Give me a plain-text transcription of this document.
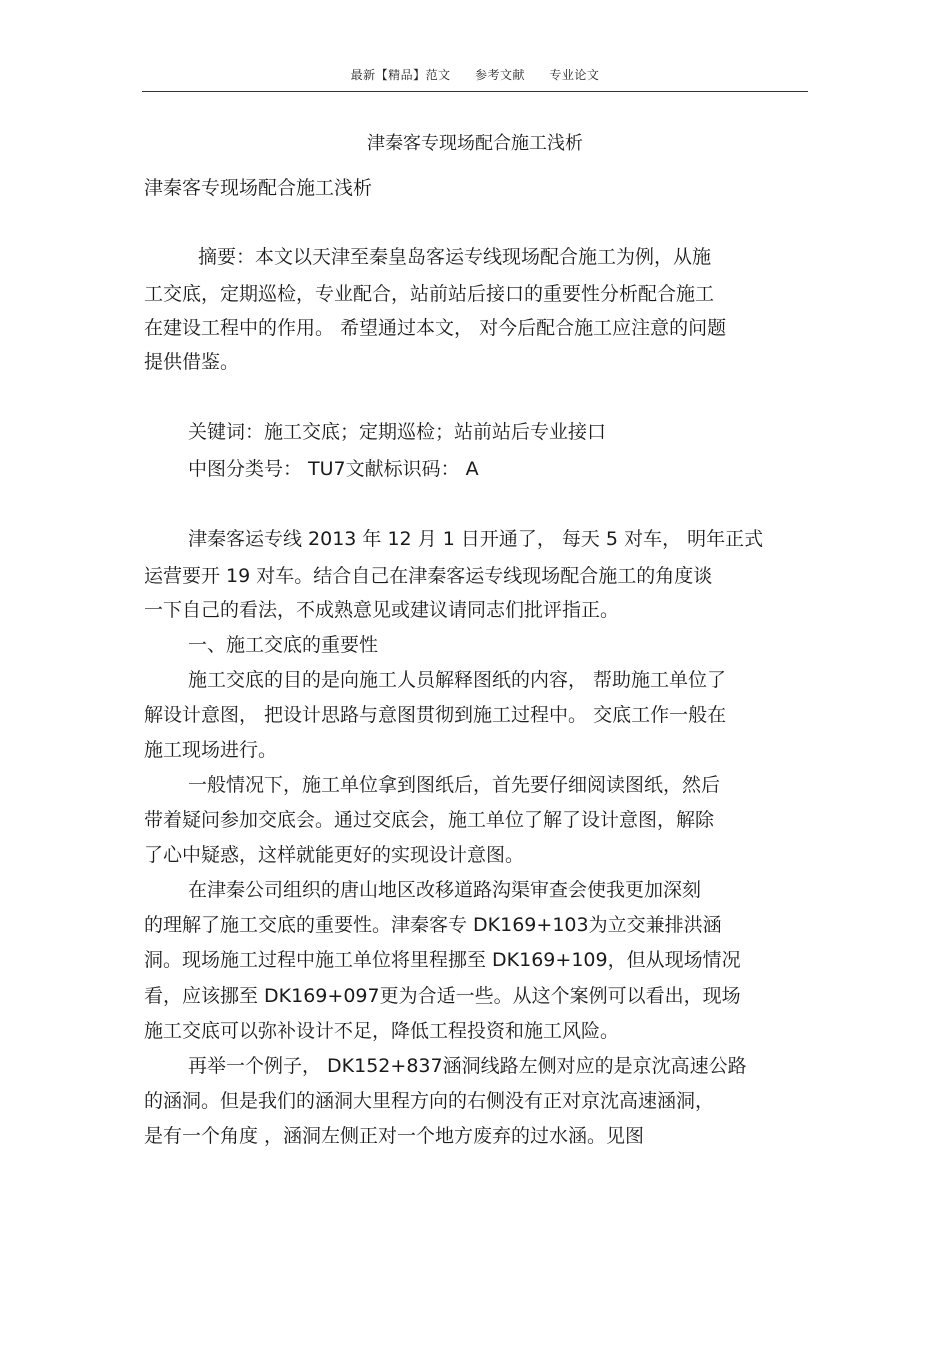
最新【精品】范文 参考文献 专业论文
津秦客专现场配合施工浅析
津秦客专现场配合施工浅析
摘要：本文以天津至秦皇岛客运专线现场配合施工为例，从施
工交底，定期巡检，专业配合，站前站后接口的重要性分析配合施工
在建设工程中的作用。 希望通过本文， 对今后配合施工应注意的问题
提供借鉴。
关键词：施工交底；定期巡检；站前站后专业接口
中图分类号： TU7文献标识码： A
津秦客运专线 2013 年 12 月 1 日开通了， 每天 5 对车， 明年正式
运营要开 19 对车。结合自己在津秦客运专线现场配合施工的角度谈
一下自己的看法，不成熟意见或建议请同志们批评指正。
一、施工交底的重要性
施工交底的目的是向施工人员解释图纸的内容， 帮助施工单位了
解设计意图， 把设计思路与意图贯彻到施工过程中。 交底工作一般在
施工现场进行。
一般情况下，施工单位拿到图纸后，首先要仔细阅读图纸，然后
带着疑问参加交底会。通过交底会，施工单位了解了设计意图，解除
了心中疑惑，这样就能更好的实现设计意图。
在津秦公司组织的唐山地区改移道路沟渠审查会使我更加深刻
的理解了施工交底的重要性。津秦客专 DK169+103为立交兼排洪涵
洞。现场施工过程中施工单位将里程挪至 DK169+109，但从现场情况
看，应该挪至 DK169+097更为合适一些。从这个案例可以看出，现场
施工交底可以弥补设计不足，降低工程投资和施工风险。
再举一个例子， DK152+837涵洞线路左侧对应的是京沈高速公路
的涵洞。但是我们的涵洞大里程方向的右侧没有正对京沈高速涵洞，
是有一个角度 ，涵洞左侧正对一个地方废弃的过水涵。见图
